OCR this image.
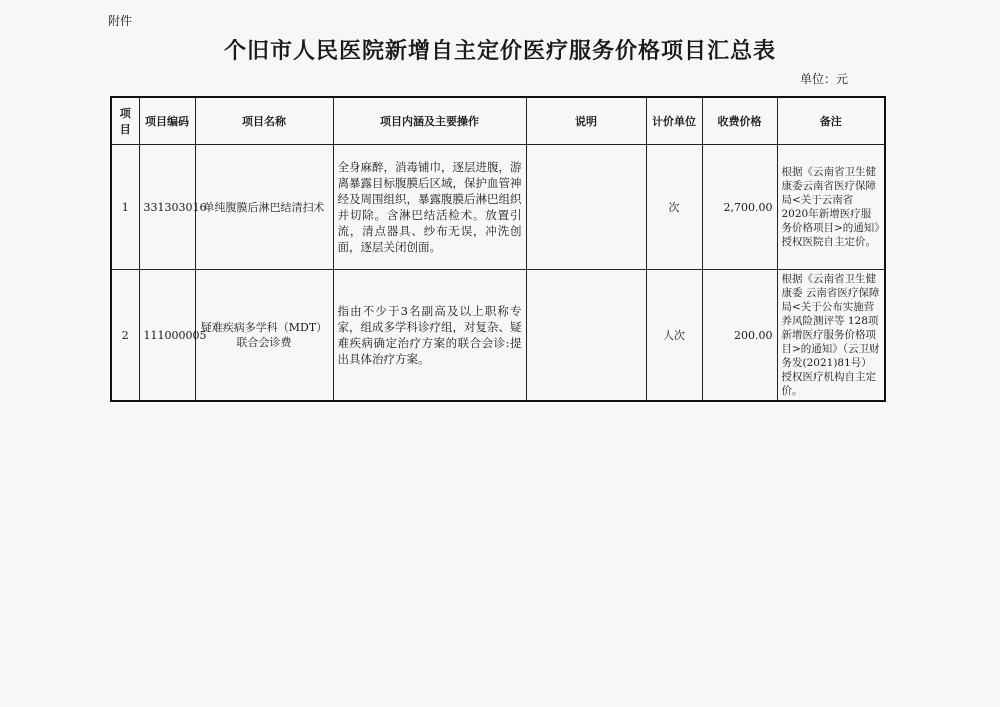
附件
个旧市人民医院新增自主定价医疗服务价格项目汇总表
单位：元
项目	项目编码	项目名称	项目内涵及主要操作	说明	计价单位	收费价格	备注
1	331303016	单纯腹膜后淋巴结清扫术	全身麻醉，消毒铺巾，逐层进腹，游离暴露目标腹膜后区域，保护血管神经及周围组织，暴露腹膜后淋巴组织并切除。含淋巴结活检术。放置引流，清点器具、纱布无误，冲洗创面，逐层关闭创面。		次	2,700.00	根据《云南省卫生健康委云南省医疗保障局<关于云南省 2020年新增医疗服务价格项目>的通知》授权医院自主定价。
2	111000005	疑难疾病多学科（MDT）联合会诊费	指由不少于3名副高及以上职称专家，组成多学科诊疗组，对复杂、疑难疾病确定治疗方案的联合会诊:提出具体治疗方案。		人次	200.00	根据《云南省卫生健康委 云南省医疗保障局<关于公布实施营养风险测评等 128项新增医疗服务价格项目>的通知》（云卫财务发(2021)81号）授权医疗机构自主定价。
